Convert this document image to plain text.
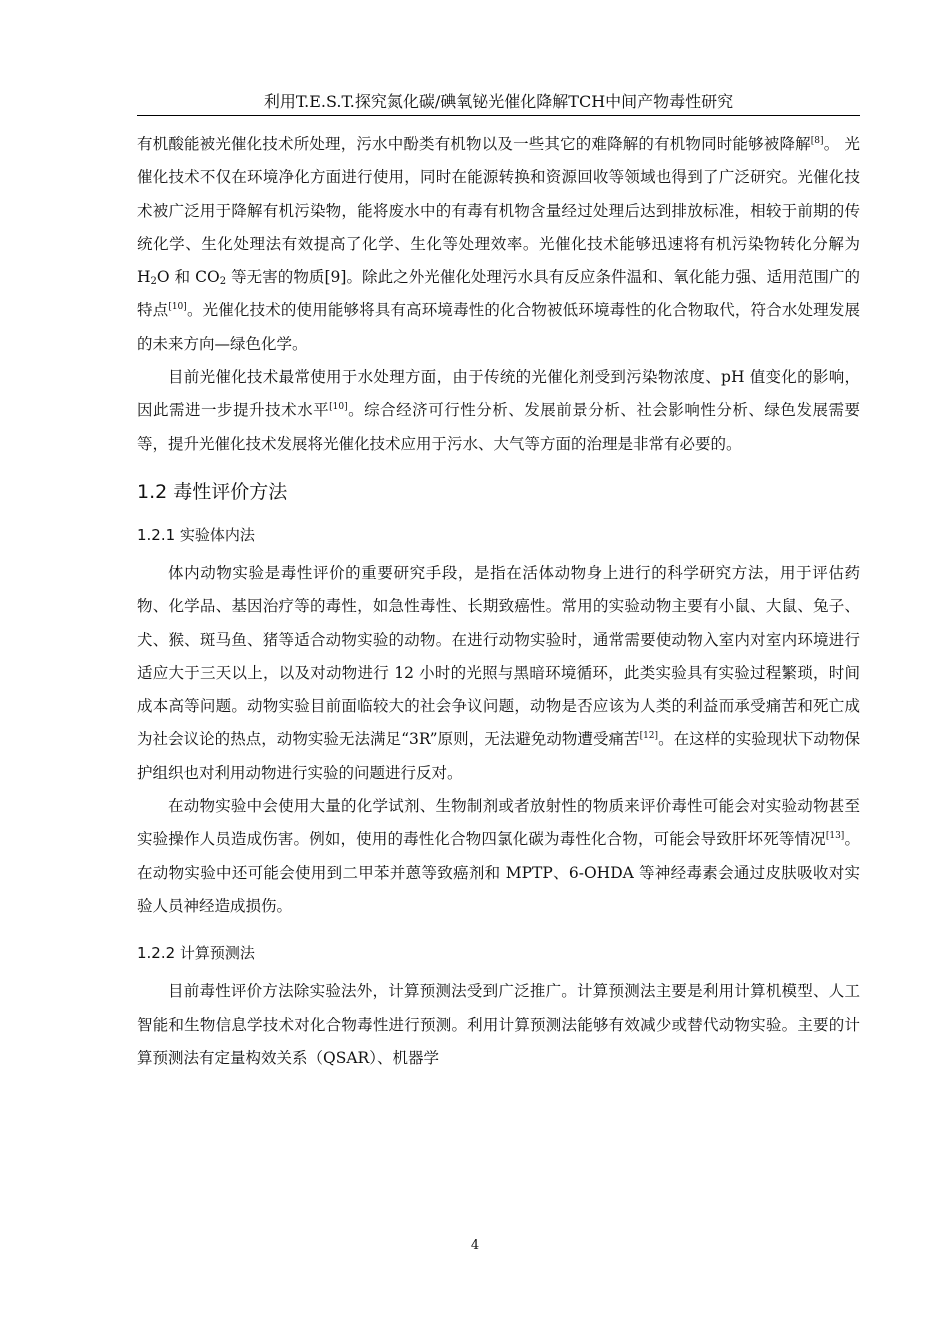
利用T.E.S.T.探究氮化碳/碘氧铋光催化降解TCH中间产物毒性研究

有机酸能被光催化技术所处理，污水中酚类有机物以及一些其它的难降解的有机物同时能够被降解[8]。 光催化技术不仅在环境净化方面进行使用，同时在能源转换和资源回收等领域也得到了广泛研究。光催化技术被广泛用于降解有机污染物，能将废水中的有毒有机物含量经过处理后达到排放标准，相较于前期的传统化学、生化处理法有效提高了化学、生化等处理效率。光催化技术能够迅速将有机污染物转化分解为 $H_2O$ 和 $CO_2$ 等无害的物质[9]。除此之外光催化处理污水具有反应条件温和、氧化能力强、适用范围广的特点[10]。光催化技术的使用能够将具有高环境毒性的化合物被低环境毒性的化合物取代，符合水处理发展的未来方向—绿色化学。

目前光催化技术最常使用于水处理方面，由于传统的光催化剂受到污染物浓度、pH 值变化的影响，因此需进一步提升技术水平[10]。综合经济可行性分析、发展前景分析、社会影响性分析、绿色发展需要等，提升光催化技术发展将光催化技术应用于污水、大气等方面的治理是非常有必要的。

1.2 毒性评价方法
1.2.1 实验体内法

体内动物实验是毒性评价的重要研究手段，是指在活体动物身上进行的科学研究方法，用于评估药物、化学品、基因治疗等的毒性，如急性毒性、长期致癌性。常用的实验动物主要有小鼠、大鼠、兔子、犬、猴、斑马鱼、猪等适合动物实验的动物。在进行动物实验时，通常需要使动物入室内对室内环境进行适应大于三天以上，以及对动物进行 12 小时的光照与黑暗环境循环，此类实验具有实验过程繁琐，时间成本高等问题。动物实验目前面临较大的社会争议问题，动物是否应该为人类的利益而承受痛苦和死亡成为社会议论的热点，动物实验无法满足“3R”原则，无法避免动物遭受痛苦[12]。在这样的实验现状下动物保护组织也对利用动物进行实验的问题进行反对。

在动物实验中会使用大量的化学试剂、生物制剂或者放射性的物质来评价毒性可能会对实验动物甚至实验操作人员造成伤害。例如，使用的毒性化合物四氯化碳为毒性化合物，可能会导致肝坏死等情况[13]。在动物实验中还可能会使用到二甲苯并蒽等致癌剂和 MPTP、6-OHDA 等神经毒素会通过皮肤吸收对实验人员神经造成损伤。

1.2.2 计算预测法

目前毒性评价方法除实验法外，计算预测法受到广泛推广。计算预测法主要是利用计算机模型、人工智能和生物信息学技术对化合物毒性进行预测。利用计算预测法能够有效减少或替代动物实验。主要的计算预测法有定量构效关系（QSAR）、机器学

4
